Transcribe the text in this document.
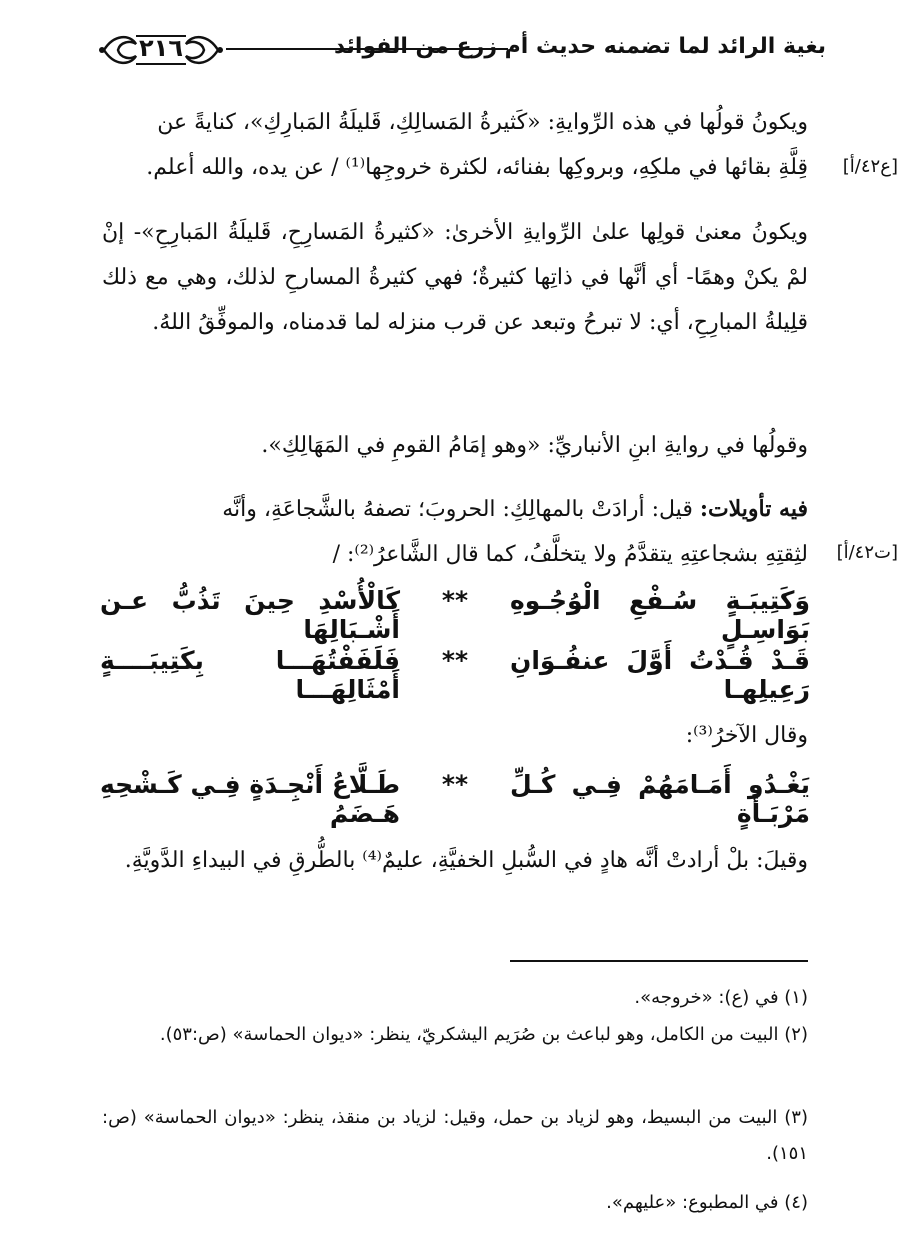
٢١٦	بغية الرائد لما تضمنه حديث أم زرع من الفوائد
ويكونُ قولُها في هذه الرِّوايةِ: «كَثيرةُ المَسالِكِ، قَليلَةُ المَبارِكِ»، كنايةً عن
قِلَّةِ بقائها في ملكِهِ، وبروكِها بفنائه، لكثرة خروجِها⁽¹⁾ / عن يده، والله أعلم. [ع٤٢/أ]
ويكونُ معنىٰ قولِها علىٰ الرِّوايةِ الأخرىٰ: «كثيرةُ المَسارِحِ، قَليلَةُ المَبارِحِ»- إنْ لمْ يكنْ وهمًا- أي أنَّها في ذاتِها كثيرةٌ؛ فهي كثيرةُ المسارحِ لذلك، وهي مع ذلك قلِيلةُ المبارِحِ، أي: لا تبرحُ وتبعد عن قرب منزله لما قدمناه، والموفِّقُ اللهُ.
وقولُها في روايةِ ابنِ الأنباريِّ: «وهو إمَامُ القومِ في المَهَالِكِ».
فيه تأويلات: قيل: أرادَتْ بالمهالِكِ: الحروبَ؛ تصفهُ بالشَّجاعَةِ، وأنَّه
لثِقتِهِ بشجاعتِهِ يتقدَّمُ ولا يتخلَّفُ، كما قال الشَّاعرُ⁽²⁾: / [ت٤٢/أ]
وَكَتِيبَـةٍ سُـفْعِ الْوُجُـوهِ بَوَاسِـلٍ
**
كَالْأُسْدِ حِينَ تَذُبُّ عـن أَشْـبَالِهَا
قَـدْ قُـدْتُ أَوَّلَ عنفُـوَانِ رَعِيلِهـا
**
فَلَفَفْتُهَـــا بِكَتِيبَــــةٍ أَمْثَالِهَـــا
وقال الآخرُ⁽³⁾:
يَغْـدُو أَمَـامَهُمْ فِـي كُـلِّ مَرْبَـأَةٍ
**
طَـلَّاعُ أَنْجِـدَةٍ فِـي كَـشْحِهِ هَـضَمُ
وقيلَ: بلْ أرادتْ أنَّه هادٍ في السُّبلِ الخفيَّةِ، عليمٌ⁽⁴⁾ بالطُّرقِ في البيداءِ الدَّويَّةِ.
(١) في (ع): «خروجه».
(٢) البيت من الكامل، وهو لباعث بن صُرَيم اليشكريّ، ينظر: «ديوان الحماسة» (ص:٥٣).
(٣) البيت من البسيط، وهو لزياد بن حمل، وقيل: لزياد بن منقذ، ينظر: «ديوان الحماسة» (ص: ١٥١).
(٤) في المطبوع: «عليهم».
